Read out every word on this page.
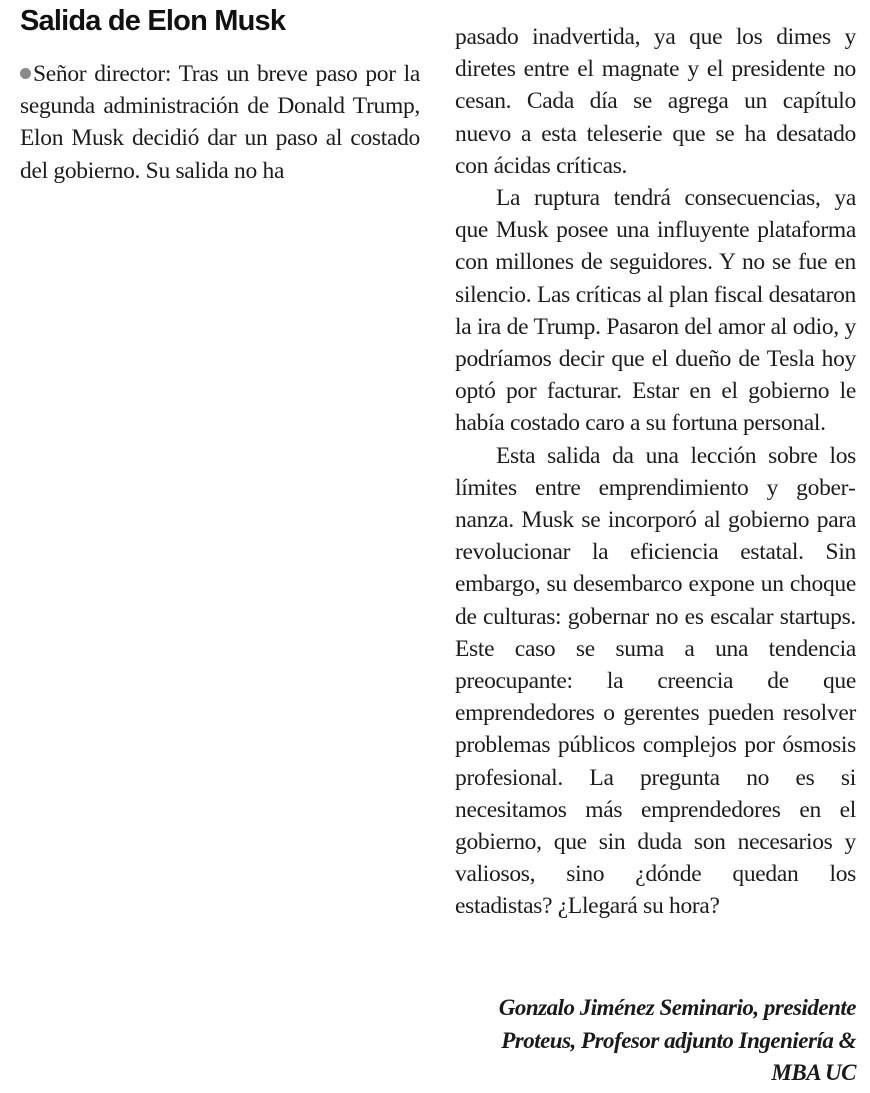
Salida de Elon Musk

Señor director: Tras un breve paso por la segunda administración de Donald Trump, Elon Musk decidió dar un paso al costado del gobierno. Su salida no ha

pasado inadvertida, ya que los dimes y diretes entre el magnate y el presidente no cesan. Cada día se agrega un capítulo nuevo a esta teleserie que se ha desatado con ácidas críticas.

La ruptura tendrá consecuencias, ya que Musk posee una influyente plataforma con millones de seguidores. Y no se fue en silencio. Las críticas al plan fiscal desataron la ira de Trump. Pasaron del amor al odio, y podríamos decir que el dueño de Tesla hoy optó por facturar. Estar en el gobierno le había costado caro a su fortuna personal.

Esta salida da una lección sobre los límites entre emprendimiento y gobernanza. Musk se incorporó al gobierno para revolucionar la eficiencia estatal. Sin embargo, su desembarco expone un choque de culturas: gobernar no es escalar startups. Este caso se suma a una tendencia preocupante: la creencia de que emprendedores o gerentes pueden resolver problemas públicos complejos por ósmosis profesional. La pregunta no es si necesitamos más emprendedores en el gobierno, que sin duda son necesarios y valiosos, sino ¿dónde quedan los estadistas? ¿Llegará su hora?

Gonzalo Jiménez Seminario, presidente Proteus, Profesor adjunto Ingeniería & MBA UC
